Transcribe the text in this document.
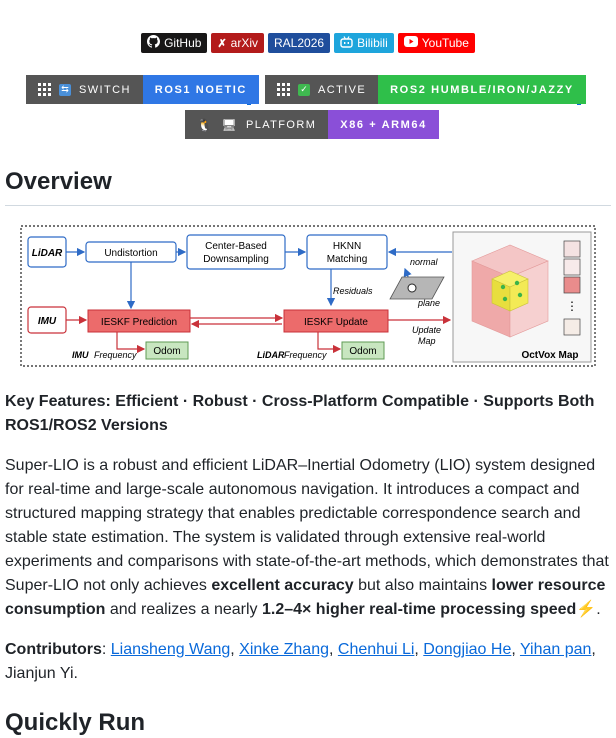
GitHub ✗ arXiv RAL2026	Bilibili	YouTube
⇆ SWITCH	ROS1 NOETIC	✓ ACTIVE	ROS2 HUMBLE/IRON/JAZZY
🐧 🖥 PLATFORM	X86 + ARM64
Overview
LiDAR	Undistortion
Center-Based
Downsampling
HKNN
Matching
Residuals
normal
plane
IMU	IESKF Prediction	IESKF Update
Update
Map
IMU Frequency Odom	LiDAR Frequency Odom
⋮
OctVox Map

Key Features: Efficient · Robust · Cross-Platform Compatible · Supports Both ROS1/ROS2 Versions

Super-LIO is a robust and efficient LiDAR–Inertial Odometry (LIO) system designed for real-time and large-scale autonomous navigation. It introduces a compact and structured mapping strategy that enables predictable correspondence search and stable state estimation. The system is validated through extensive real-world experiments and comparisons with state-of-the-art methods, which demonstrates that Super-LIO not only achieves excellent accuracy but also maintains lower resource consumption and realizes a nearly 1.2–4× higher real-time processing speed⚡.

Contributors: Liansheng Wang, Xinke Zhang, Chenhui Li, Dongjiao He, Yihan pan, Jianjun Yi.

Quickly Run
